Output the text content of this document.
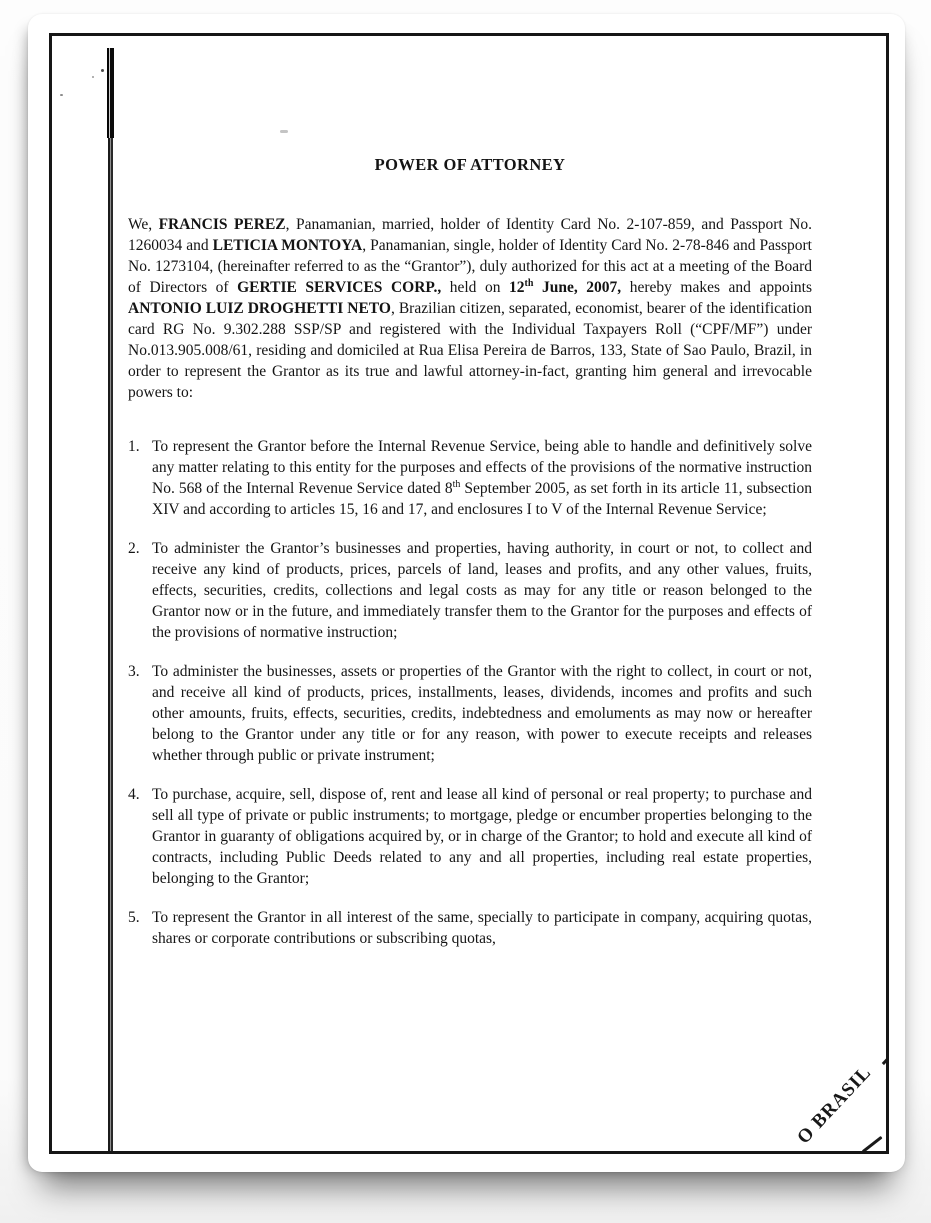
POWER OF ATTORNEY

We, FRANCIS PEREZ, Panamanian, married, holder of Identity Card No. 2-107-859, and Passport No. 1260034 and LETICIA MONTOYA, Panamanian, single, holder of Identity Card No. 2-78-846 and Passport No. 1273104, (hereinafter referred to as the “Grantor”), duly authorized for this act at a meeting of the Board of Directors of GERTIE SERVICES CORP., held on 12th June, 2007, hereby makes and appoints ANTONIO LUIZ DROGHETTI NETO, Brazilian citizen, separated, economist, bearer of the identification card RG No. 9.302.288 SSP/SP and registered with the Individual Taxpayers Roll (“CPF/MF”) under No.013.905.008/61, residing and domiciled at Rua Elisa Pereira de Barros, 133, State of Sao Paulo, Brazil, in order to represent the Grantor as its true and lawful attorney-in-fact, granting him general and irrevocable powers to:

1. To represent the Grantor before the Internal Revenue Service, being able to handle and definitively solve any matter relating to this entity for the purposes and effects of the provisions of the normative instruction No. 568 of the Internal Revenue Service dated 8th September 2005, as set forth in its article 11, subsection XIV and according to articles 15, 16 and 17, and enclosures I to V of the Internal Revenue Service;
2. To administer the Grantor’s businesses and properties, having authority, in court or not, to collect and receive any kind of products, prices, parcels of land, leases and profits, and any other values, fruits, effects, securities, credits, collections and legal costs as may for any title or reason belonged to the Grantor now or in the future, and immediately transfer them to the Grantor for the purposes and effects of the provisions of normative instruction;
3. To administer the businesses, assets or properties of the Grantor with the right to collect, in court or not, and receive all kind of products, prices, installments, leases, dividends, incomes and profits and such other amounts, fruits, effects, securities, credits, indebtedness and emoluments as may now or hereafter belong to the Grantor under any title or for any reason, with power to execute receipts and releases whether through public or private instrument;
4. To purchase, acquire, sell, dispose of, rent and lease all kind of personal or real property; to purchase and sell all type of private or public instruments; to mortgage, pledge or encumber properties belonging to the Grantor in guaranty of obligations acquired by, or in charge of the Grantor; to hold and execute all kind of contracts, including Public Deeds related to any and all properties, including real estate properties, belonging to the Grantor;
5. To represent the Grantor in all interest of the same, specially to participate in company, acquiring quotas, shares or corporate contributions or subscribing quotas,
O BRASIL
